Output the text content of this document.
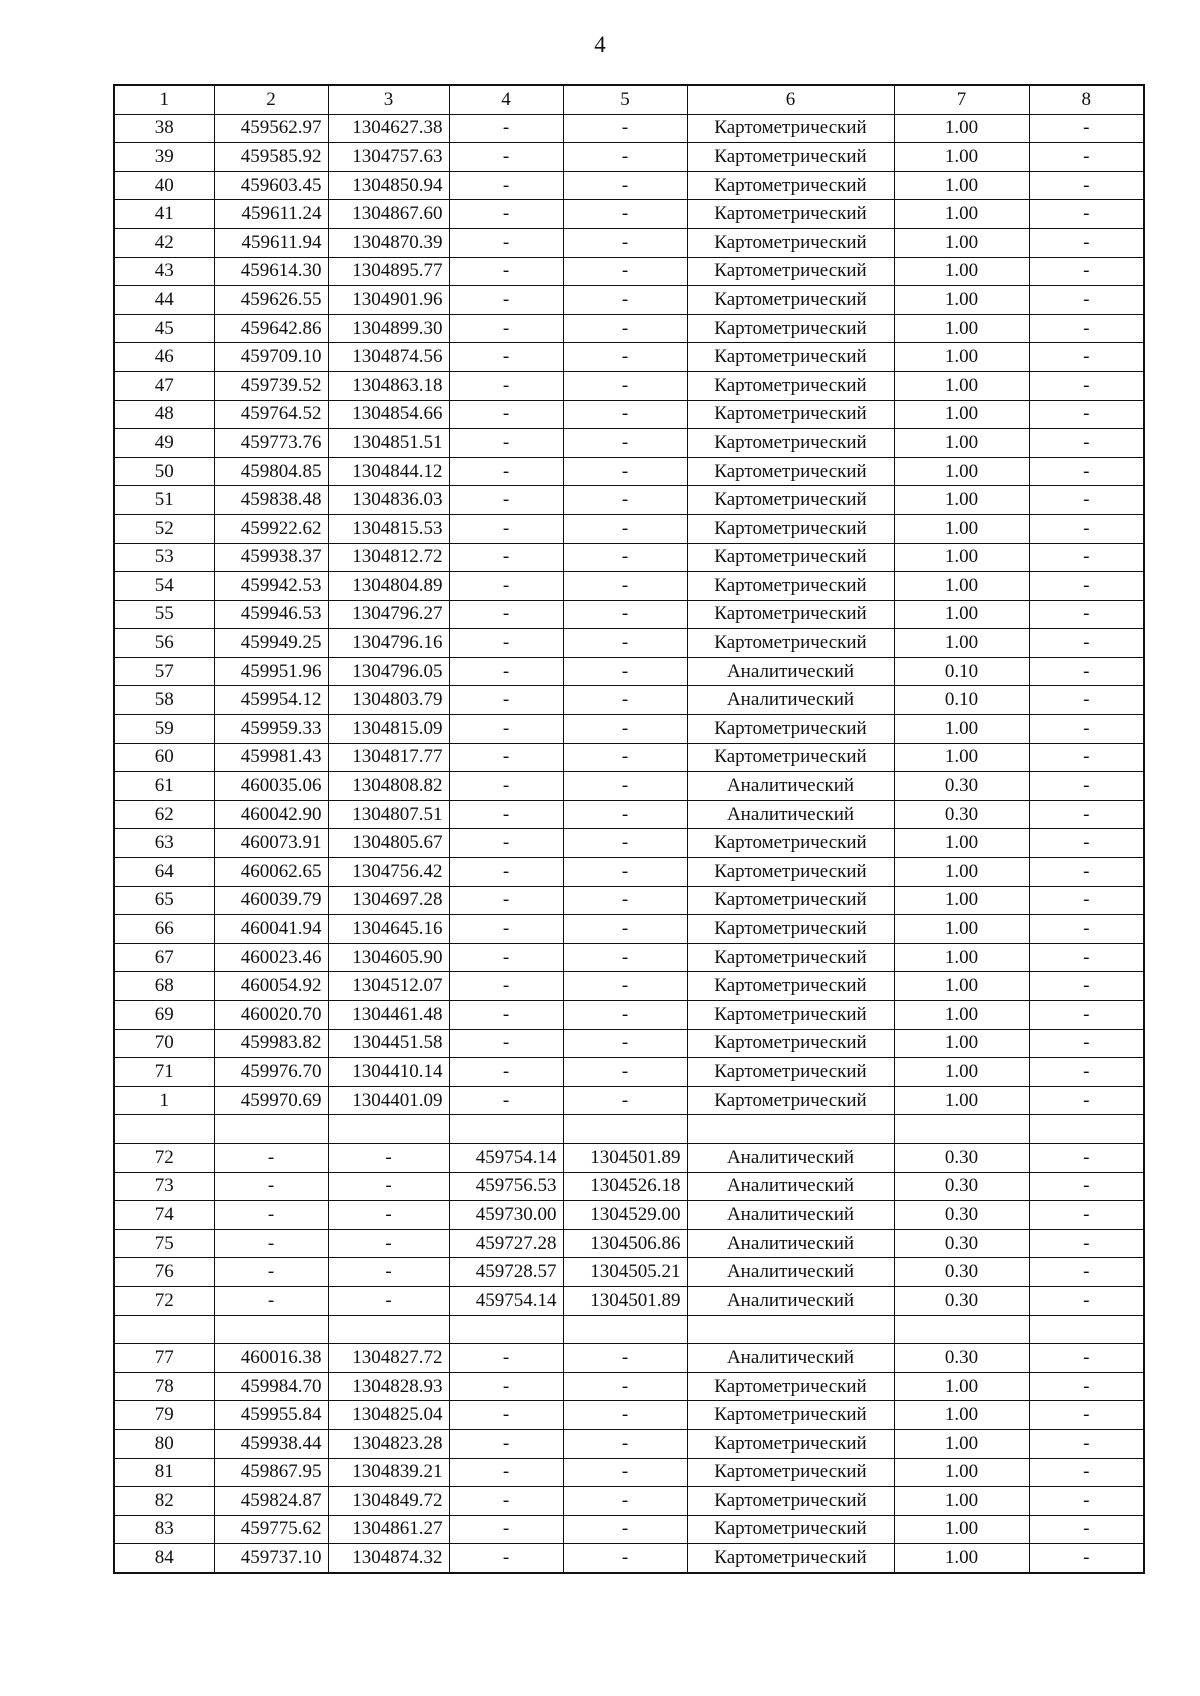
4
1	2	3	4	5	6	7	8
38	459562.97	1304627.38	-	-	Картометрический	1.00	-
39	459585.92	1304757.63	-	-	Картометрический	1.00	-
40	459603.45	1304850.94	-	-	Картометрический	1.00	-
41	459611.24	1304867.60	-	-	Картометрический	1.00	-
42	459611.94	1304870.39	-	-	Картометрический	1.00	-
43	459614.30	1304895.77	-	-	Картометрический	1.00	-
44	459626.55	1304901.96	-	-	Картометрический	1.00	-
45	459642.86	1304899.30	-	-	Картометрический	1.00	-
46	459709.10	1304874.56	-	-	Картометрический	1.00	-
47	459739.52	1304863.18	-	-	Картометрический	1.00	-
48	459764.52	1304854.66	-	-	Картометрический	1.00	-
49	459773.76	1304851.51	-	-	Картометрический	1.00	-
50	459804.85	1304844.12	-	-	Картометрический	1.00	-
51	459838.48	1304836.03	-	-	Картометрический	1.00	-
52	459922.62	1304815.53	-	-	Картометрический	1.00	-
53	459938.37	1304812.72	-	-	Картометрический	1.00	-
54	459942.53	1304804.89	-	-	Картометрический	1.00	-
55	459946.53	1304796.27	-	-	Картометрический	1.00	-
56	459949.25	1304796.16	-	-	Картометрический	1.00	-
57	459951.96	1304796.05	-	-	Аналитический	0.10	-
58	459954.12	1304803.79	-	-	Аналитический	0.10	-
59	459959.33	1304815.09	-	-	Картометрический	1.00	-
60	459981.43	1304817.77	-	-	Картометрический	1.00	-
61	460035.06	1304808.82	-	-	Аналитический	0.30	-
62	460042.90	1304807.51	-	-	Аналитический	0.30	-
63	460073.91	1304805.67	-	-	Картометрический	1.00	-
64	460062.65	1304756.42	-	-	Картометрический	1.00	-
65	460039.79	1304697.28	-	-	Картометрический	1.00	-
66	460041.94	1304645.16	-	-	Картометрический	1.00	-
67	460023.46	1304605.90	-	-	Картометрический	1.00	-
68	460054.92	1304512.07	-	-	Картометрический	1.00	-
69	460020.70	1304461.48	-	-	Картометрический	1.00	-
70	459983.82	1304451.58	-	-	Картометрический	1.00	-
71	459976.70	1304410.14	-	-	Картометрический	1.00	-
1	459970.69	1304401.09	-	-	Картометрический	1.00	-

72	-	-	459754.14	1304501.89	Аналитический	0.30	-
73	-	-	459756.53	1304526.18	Аналитический	0.30	-
74	-	-	459730.00	1304529.00	Аналитический	0.30	-
75	-	-	459727.28	1304506.86	Аналитический	0.30	-
76	-	-	459728.57	1304505.21	Аналитический	0.30	-
72	-	-	459754.14	1304501.89	Аналитический	0.30	-

77	460016.38	1304827.72	-	-	Аналитический	0.30	-
78	459984.70	1304828.93	-	-	Картометрический	1.00	-
79	459955.84	1304825.04	-	-	Картометрический	1.00	-
80	459938.44	1304823.28	-	-	Картометрический	1.00	-
81	459867.95	1304839.21	-	-	Картометрический	1.00	-
82	459824.87	1304849.72	-	-	Картометрический	1.00	-
83	459775.62	1304861.27	-	-	Картометрический	1.00	-
84	459737.10	1304874.32	-	-	Картометрический	1.00	-
